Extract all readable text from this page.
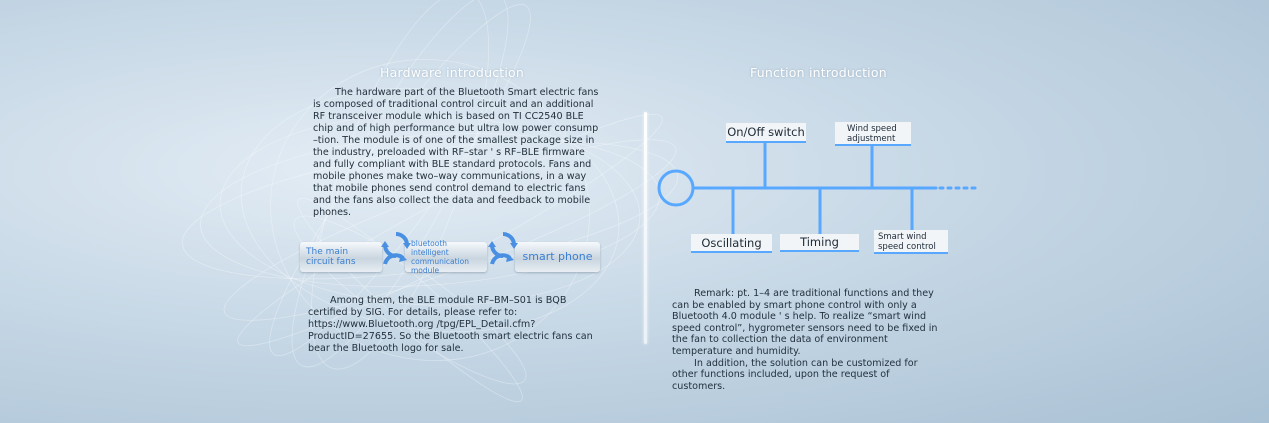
Hardware introduction

The hardware part of the Bluetooth Smart electric fans is composed of traditional control circuit and an additional RF transceiver module which is based on TI CC2540 BLE chip and of high performance but ultra low power consump –tion. The module is of one of the smallest package size in the industry, preloaded with RF–star ' s RF–BLE firmware and fully compliant with BLE standard protocols. Fans and mobile phones make two–way communications, in a way that mobile phones send control demand to electric fans and the fans also collect the data and feedback to mobile phones.

The main circuit fans
bluetooth intelligent communication module
smart phone

Among them, the BLE module RF–BM–S01 is BQB certified by SIG. For details, please refer to: https://www.Bluetooth.org /tpg/EPL_Detail.cfm?ProductID=27655. So the Bluetooth smart electric fans can bear the Bluetooth logo for sale.

Function introduction
On/Off switch	Wind speed adjustment
Oscillating	Timing	Smart wind speed control

Remark: pt. 1–4 are traditional functions and they can be enabled by smart phone control with only a Bluetooth 4.0 module ' s help. To realize “smart wind speed control”, hygrometer sensors need to be fixed in the fan to collection the data of environment temperature and humidity.

In addition, the solution can be customized for other functions included, upon the request of customers.
